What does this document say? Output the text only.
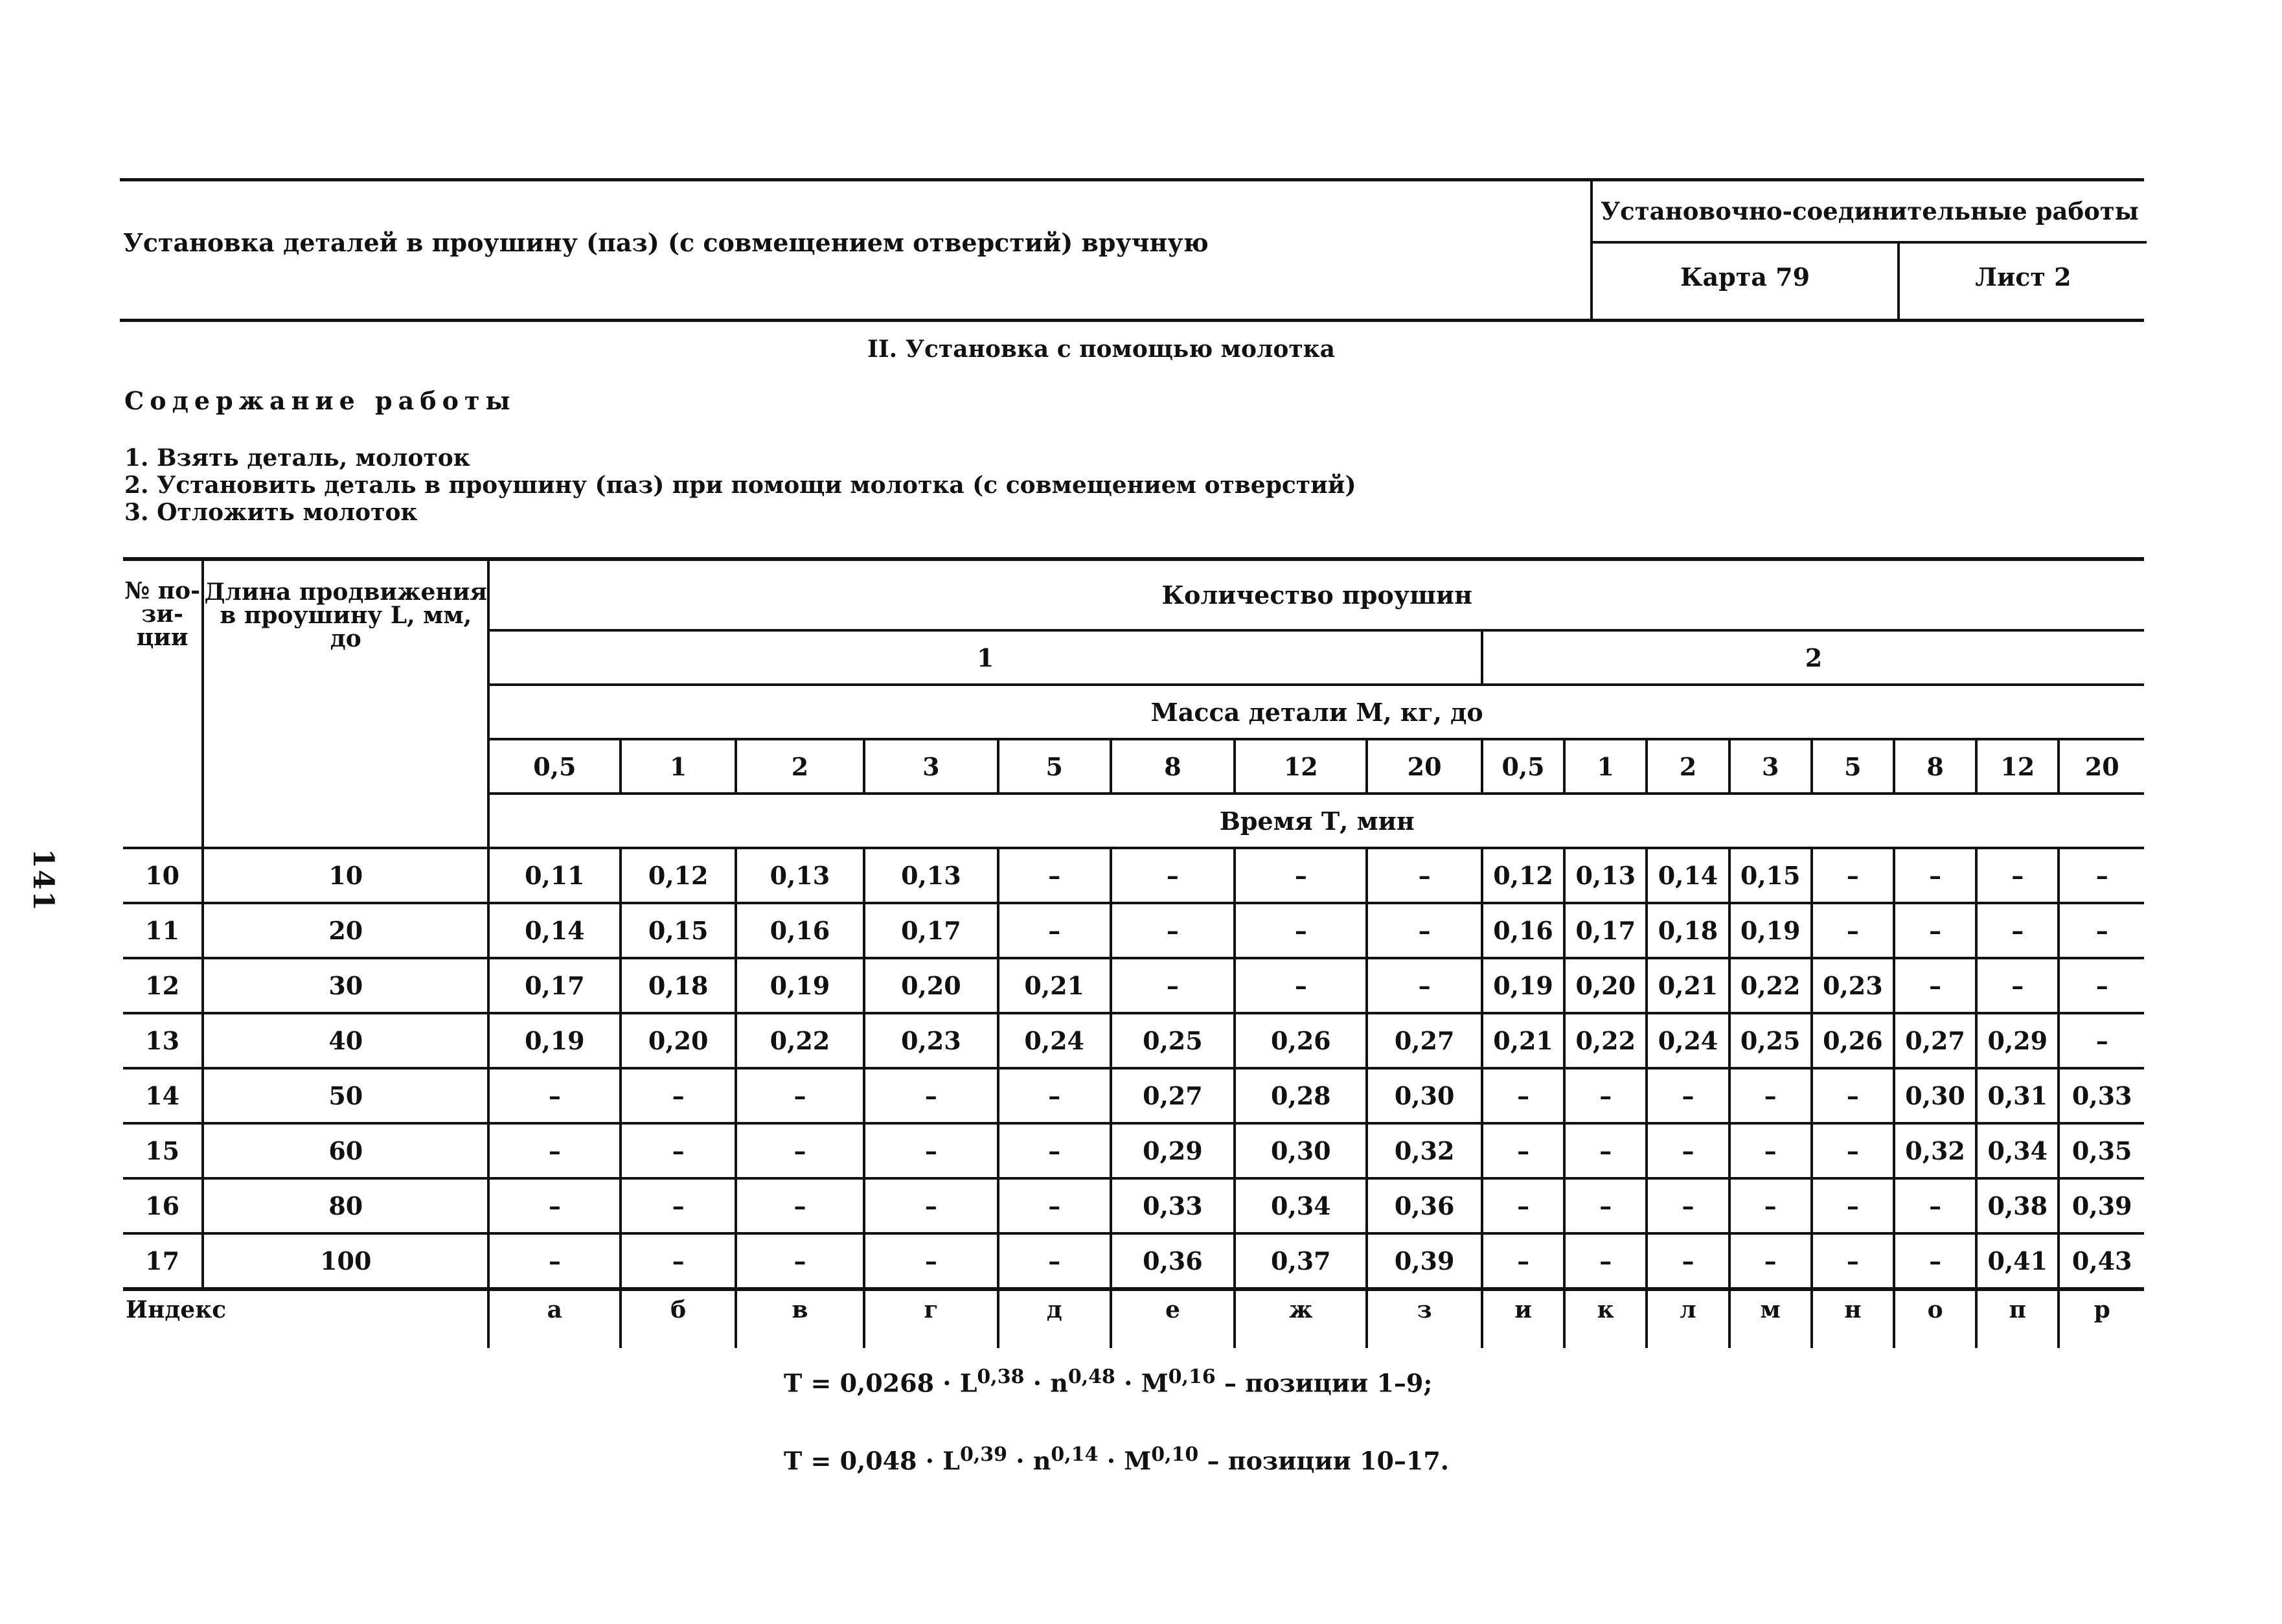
141
Установка деталей в проушину (паз) (с совмещением отверстий) вручную
Установочно-соединительные работы
Карта 79	Лист 2
II. Установка с помощью молотка
Содержание работы
1. Взять деталь, молоток
2. Установить деталь в проушину (паз) при помощи молотка (с совмещением отверстий)
3. Отложить молоток
№ по- зи- ции	Длина продвижения в проушину L, мм, до	Количество проушин															
		1								2							
		Масса детали М, кг, до															
		0,5	1	2	3	5	8	12	20	0,5	1	2	3	5	8	12	20
		Время Т, мин															
10	10	0,11	0,12	0,13	0,13	–	–	–	–	0,12	0,13	0,14	0,15	–	–	–	–
11	20	0,14	0,15	0,16	0,17	–	–	–	–	0,16	0,17	0,18	0,19	–	–	–	–
12	30	0,17	0,18	0,19	0,20	0,21	–	–	–	0,19	0,20	0,21	0,22	0,23	–	–	–
13	40	0,19	0,20	0,22	0,23	0,24	0,25	0,26	0,27	0,21	0,22	0,24	0,25	0,26	0,27	0,29	–
14	50	–	–	–	–	–	0,27	0,28	0,30	–	–	–	–	–	0,30	0,31	0,33
15	60	–	–	–	–	–	0,29	0,30	0,32	–	–	–	–	–	0,32	0,34	0,35
16	80	–	–	–	–	–	0,33	0,34	0,36	–	–	–	–	–	–	0,38	0,39
17	100	–	–	–	–	–	0,36	0,37	0,39	–	–	–	–	–	–	0,41	0,43
Индекс		а	б	в	г	д	е	ж	з	и	к	л	м	н	о	п	р
$Т = 0,0268 \cdot L^{0,38} \cdot n^{0,48} \cdot М^{0,16}$ – позиции 1–9;
$Т = 0,048 \cdot L^{0,39} \cdot n^{0,14} \cdot М^{0,10}$ – позиции 10–17.
